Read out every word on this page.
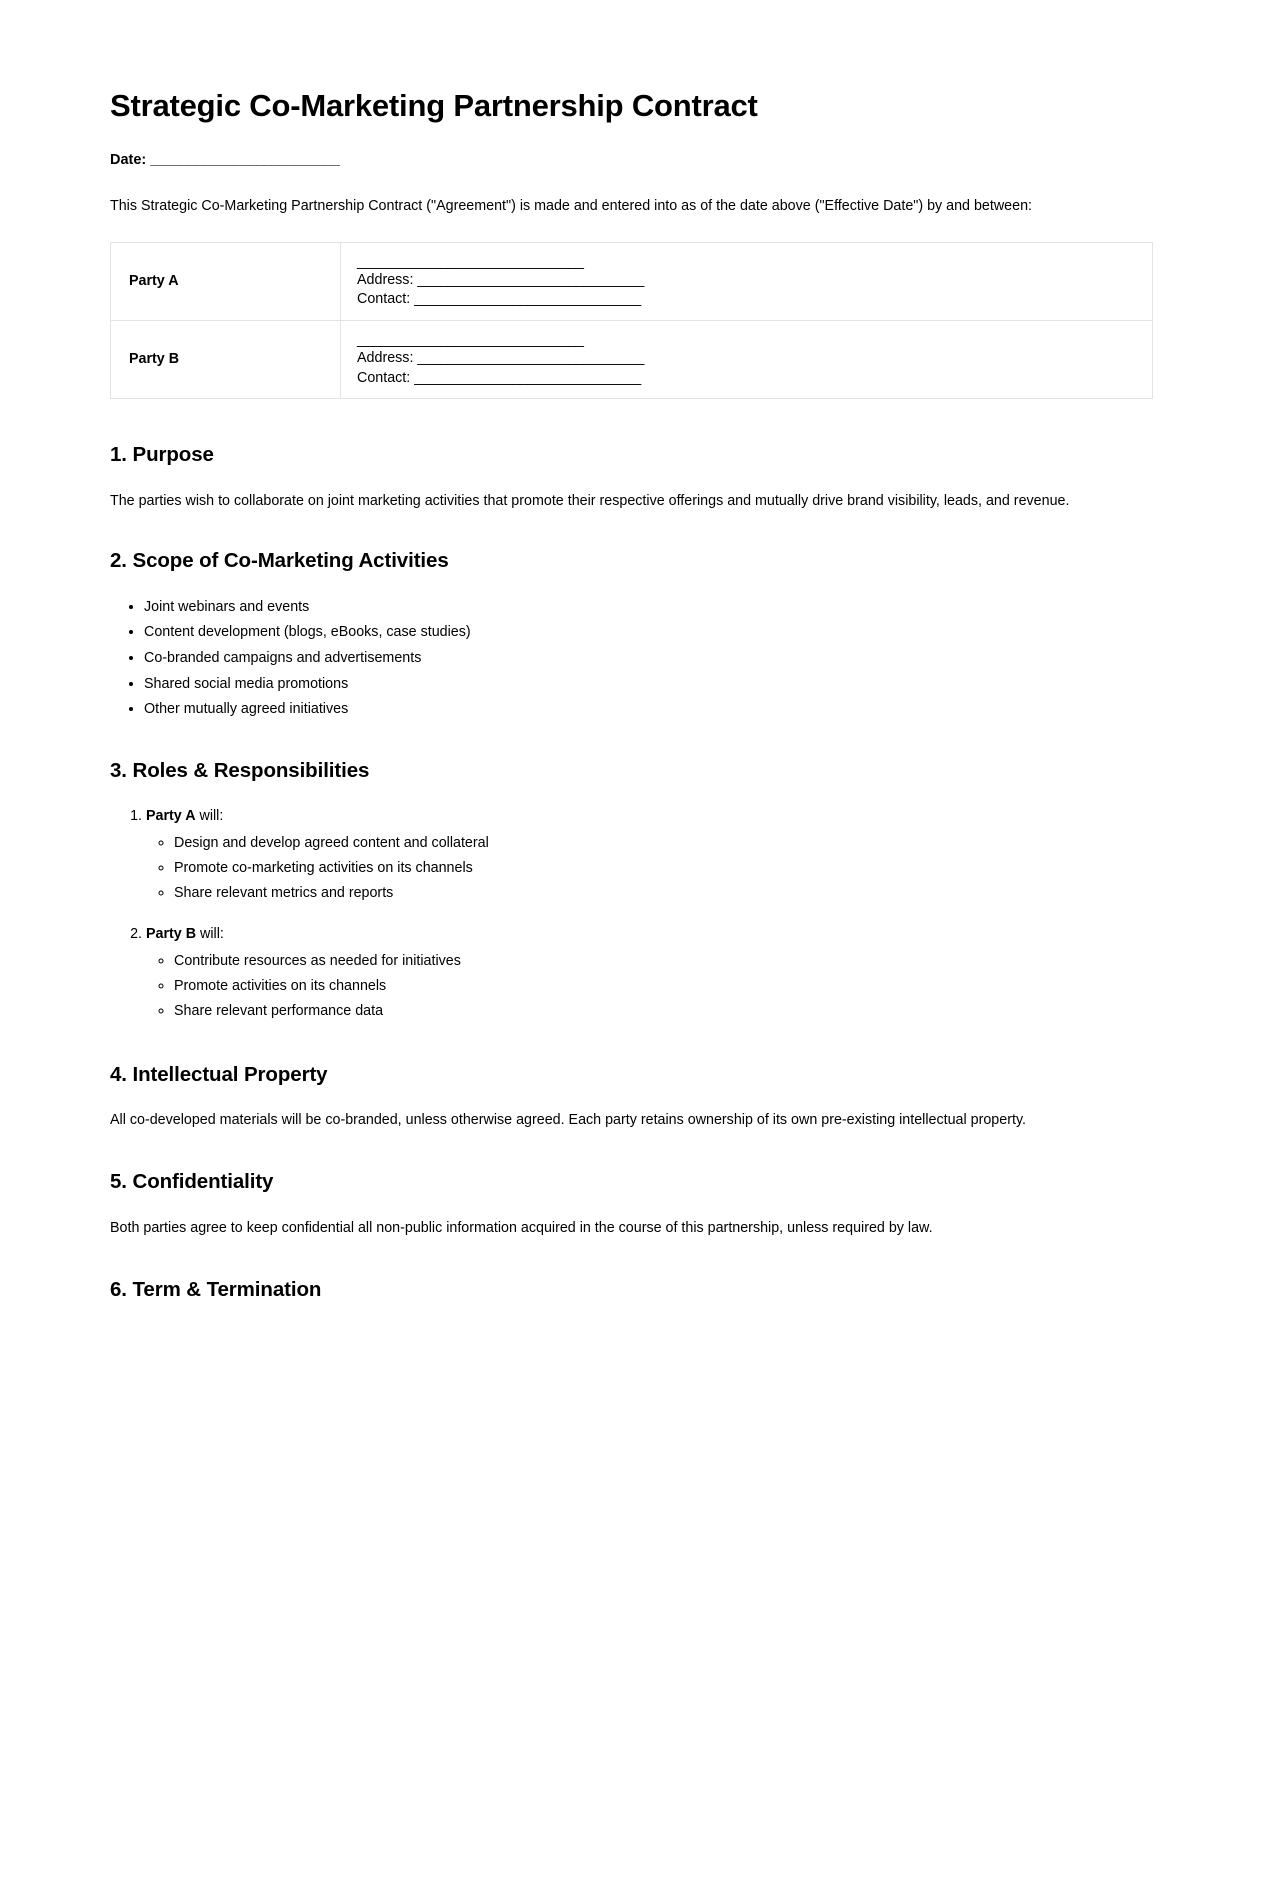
Strategic Co-Marketing Partnership Contract
Date: _________________________

This Strategic Co-Marketing Partnership Contract ("Agreement") is made and entered into as of the date above ("Effective Date") by and between:

Party A	______________________________
Address: ______________________________
Contact: ______________________________

Party B	______________________________
Address: ______________________________
Contact: ______________________________
1. Purpose

The parties wish to collaborate on joint marketing activities that promote their respective offerings and mutually drive brand visibility, leads, and revenue.

2. Scope of Co-Marketing Activities
• Joint webinars and events
• Content development (blogs, eBooks, case studies)
• Co-branded campaigns and advertisements
• Shared social media promotions
• Other mutually agreed initiatives
3. Roles & Responsibilities
1. Party A will:
◦ Design and develop agreed content and collateral
◦ Promote co-marketing activities on its channels
◦ Share relevant metrics and reports
2. Party B will:
◦ Contribute resources as needed for initiatives
◦ Promote activities on its channels
◦ Share relevant performance data
4. Intellectual Property

All co-developed materials will be co-branded, unless otherwise agreed. Each party retains ownership of its own pre-existing intellectual property.

5. Confidentiality

Both parties agree to keep confidential all non-public information acquired in the course of this partnership, unless required by law.

6. Term & Termination
